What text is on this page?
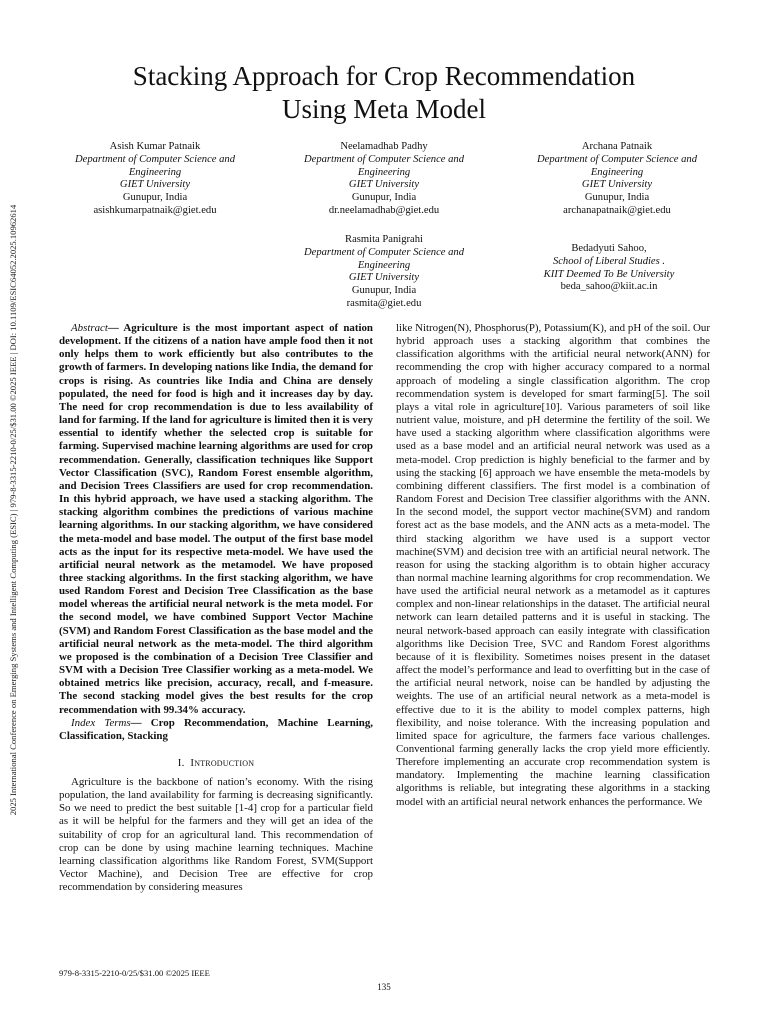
2025 International Conference on Emerging Systems and Intelligent Computing (ESIC) | 979-8-3315-2210-0/25/$31.00 ©2025 IEEE | DOI: 10.1109/ESIC64052.2025.10962614
Stacking Approach for Crop Recommendation
Using Meta Model
Asish Kumar Patnaik
Department of Computer Science and
Engineering
GIET University
Gunupur, India
asishkumarpatnaik@giet.edu
Neelamadhab Padhy
Department of Computer Science and
Engineering
GIET University
Gunupur, India
dr.neelamadhab@giet.edu
Archana Patnaik
Department of Computer Science and
Engineering
GIET University
Gunupur, India
archanapatnaik@giet.edu
Rasmita Panigrahi
Department of Computer Science and
Engineering
GIET University
Gunupur, India
rasmita@giet.edu
Bedadyuti Sahoo,
School of Liberal Studies .
KIIT Deemed To Be University
beda_sahoo@kiit.ac.in

Abstract— Agriculture is the most important aspect of nation development. If the citizens of a nation have ample food then it not only helps them to work efficiently but also contributes to the growth of farmers. In developing nations like India, the demand for crops is rising. As countries like India and China are densely populated, the need for food is high and it increases day by day. The need for crop recommendation is due to less availability of land for farming. If the land for agriculture is limited then it is very essential to identify whether the selected crop is suitable for farming. Supervised machine learning algorithms are used for crop recommendation. Generally, classification techniques like Support Vector Classification (SVC), Random Forest ensemble algorithm, and Decision Trees Classifiers are used for crop recommendation. In this hybrid approach, we have used a stacking algorithm. The stacking algorithm combines the predictions of various machine learning algorithms. In our stacking algorithm, we have considered the meta-model and base model. The output of the first base model acts as the input for its respective meta-model. We have used the artificial neural network as the metamodel. We have proposed three stacking algorithms. In the first stacking algorithm, we have used Random Forest and Decision Tree Classification as the base model whereas the artificial neural network is the meta model. For the second model, we have combined Support Vector Machine (SVM) and Random Forest Classification as the base model and the artificial neural network as the meta-model. The third algorithm we proposed is the combination of a Decision Tree Classifier and SVM with a Decision Tree Classifier working as a meta-model. We obtained metrics like precision, accuracy, recall, and f-measure. The second stacking model gives the best results for the crop recommendation with 99.34% accuracy.

Index Terms— Crop Recommendation, Machine Learning, Classification, Stacking

I. Introduction

Agriculture is the backbone of nation’s economy. With the rising population, the land availability for farming is decreasing significantly. So we need to predict the best suitable [1-4] crop for a particular field as it will be helpful for the farmers and they will get an idea of the suitability of crop for an agricultural land. This recommendation of crop can be done by using machine learning techniques. Machine learning classification algorithms like Random Forest, SVM(Support Vector Machine), and Decision Tree are effective for crop recommendation by considering measures

like Nitrogen(N), Phosphorus(P), Potassium(K), and pH of the soil. Our hybrid approach uses a stacking algorithm that combines the classification algorithms with the artificial neural network(ANN) for recommending the crop with higher accuracy compared to a normal approach of modeling a single classification algorithm. The crop recommendation system is developed for smart farming[5]. The soil plays a vital role in agriculture[10]. Various parameters of soil like nutrient value, moisture, and pH determine the fertility of the soil. We have used a stacking algorithm where classification algorithms were used as a base model and an artificial neural network was used as a meta-model. Crop prediction is highly beneficial to the farmer and by using the stacking [6] approach we have ensemble the meta-models by combining different classifiers. The first model is a combination of Random Forest and Decision Tree classifier algorithms with the ANN. In the second model, the support vector machine(SVM) and random forest act as the base models, and the ANN acts as a meta-model. The third stacking algorithm we have used is a support vector machine(SVM) and decision tree with an artificial neural network. The reason for using the stacking algorithm is to obtain higher accuracy than normal machine learning algorithms for crop recommendation. We have used the artificial neural network as a metamodel as it captures complex and non-linear relationships in the dataset. The artificial neural network can learn detailed patterns and it is useful in stacking. The neural network-based approach can easily integrate with classification algorithms like Decision Tree, SVC and Random Forest algorithms because of it is flexibility. Sometimes noises present in the dataset affect the model’s performance and lead to overfitting but in the case of the artificial neural network, noise can be handled by adjusting the weights. The use of an artificial neural network as a meta-model is effective due to it is the ability to model complex patterns, high flexibility, and noise tolerance. With the increasing population and limited space for agriculture, the farmers face various challenges. Conventional farming generally lacks the crop yield more efficiently. Therefore implementing an accurate crop recommendation system is mandatory. Implementing the machine learning classification algorithms is reliable, but integrating these algorithms in a stacking model with an artificial neural network enhances the performance. We

979-8-3315-2210-0/25/$31.00 ©2025 IEEE
135
